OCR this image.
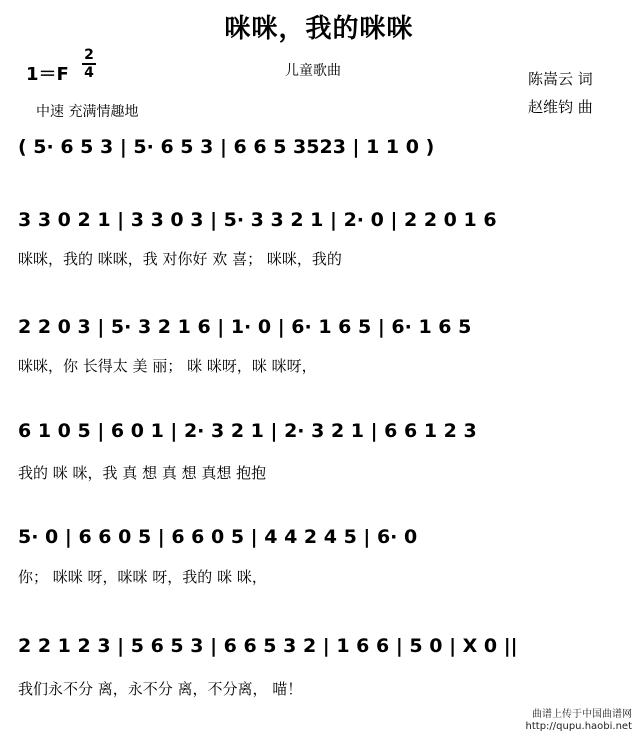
咪咪，我的咪咪
$1=F \frac{2}{4}$	儿童歌曲	陈嵩云 词
赵维钧 曲
中速 充满情趣地
( 5· 6 5 3 | 5· 6 5 3 | 6 6 5 3523 | 1 1 0 )
3 3 0 2 1 | 3 3 0 3 | 5· 3 3 2 1 | 2· 0 | 2 2 0 1 6
咪咪，我的 咪咪，我 对你好 欢 喜； 咪咪，我的
2 2 0 3 | 5· 3 2 1 6 | 1· 0 | 6· 1 6 5 | 6· 1 6 5
咪咪，你 长得太 美 丽； 咪 咪呀，咪 咪呀，
6 1 0 5 | 6 0 1 | 2· 3 2 1 | 2· 3 2 1 | 6 6 1 2 3
我的 咪 咪，我 真 想 真 想 真想 抱抱
5· 0 | 6 6 0 5 | 6 6 0 5 | 4 4 2 4 5 | 6· 0
你； 咪咪 呀，咪咪 呀，我的 咪 咪，
2 2 1 2 3 | 5 6 5 3 | 6 6 5 3 2 | 1 6 6 | 5 0 | X 0 ||
我们永不分 离，永不分 离，不分离， 喵！
曲谱上传于中国曲谱网
http://qupu.haobi.net
